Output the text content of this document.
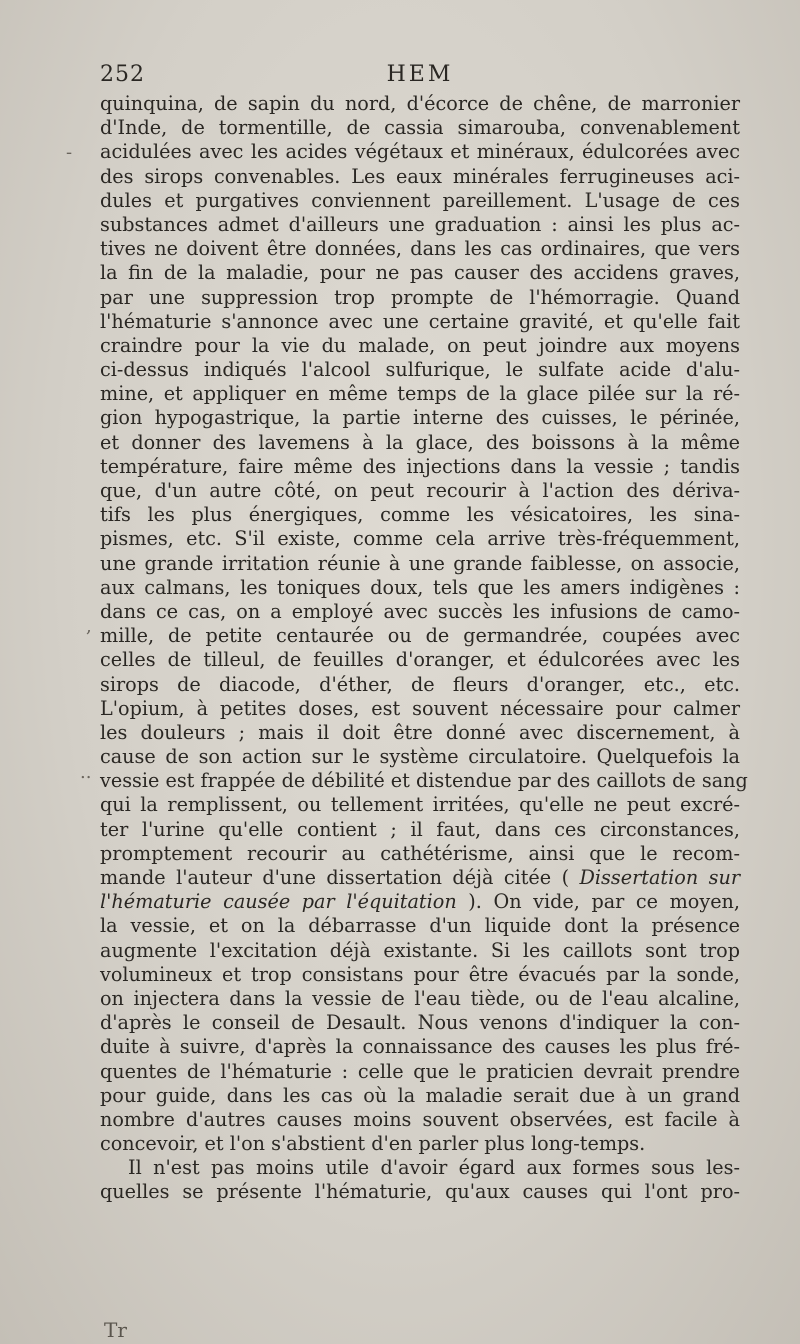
252	HEM
-
,
..
quinquina, de sapin du nord, d'écorce de chêne, de marronier
d'Inde, de tormentille, de cassia simarouba, convenablement
acidulées avec les acides végétaux et minéraux, édulcorées avec
des sirops convenables. Les eaux minérales ferrugineuses aci-
dules et purgatives conviennent pareillement. L'usage de ces
substances admet d'ailleurs une graduation : ainsi les plus ac-
tives ne doivent être données, dans les cas ordinaires, que vers
la fin de la maladie, pour ne pas causer des accidens graves,
par une suppression trop prompte de l'hémorragie. Quand
l'hématurie s'annonce avec une certaine gravité, et qu'elle fait
craindre pour la vie du malade, on peut joindre aux moyens
ci-dessus indiqués l'alcool sulfurique, le sulfate acide d'alu-
mine, et appliquer en même temps de la glace pilée sur la ré-
gion hypogastrique, la partie interne des cuisses, le périnée,
et donner des lavemens à la glace, des boissons à la même
température, faire même des injections dans la vessie ; tandis
que, d'un autre côté, on peut recourir à l'action des dériva-
tifs les plus énergiques, comme les vésicatoires, les sina-
pismes, etc. S'il existe, comme cela arrive très-fréquemment,
une grande irritation réunie à une grande faiblesse, on associe,
aux calmans, les toniques doux, tels que les amers indigènes :
dans ce cas, on a employé avec succès les infusions de camo-
mille, de petite centaurée ou de germandrée, coupées avec
celles de tilleul, de feuilles d'oranger, et édulcorées avec les
sirops de diacode, d'éther, de fleurs d'oranger, etc., etc.
L'opium, à petites doses, est souvent nécessaire pour calmer
les douleurs ; mais il doit être donné avec discernement, à
cause de son action sur le système circulatoire. Quelquefois la
vessie est frappée de débilité et distendue par des caillots de sang
qui la remplissent, ou tellement irritées, qu'elle ne peut excré-
ter l'urine qu'elle contient ; il faut, dans ces circonstances,
promptement recourir au cathétérisme, ainsi que le recom-
mande l'auteur d'une dissertation déjà citée ( Dissertation sur
l'hématurie causée par l'équitation ). On vide, par ce moyen,
la vessie, et on la débarrasse d'un liquide dont la présence
augmente l'excitation déjà existante. Si les caillots sont trop
volumineux et trop consistans pour être évacués par la sonde,
on injectera dans la vessie de l'eau tiède, ou de l'eau alcaline,
d'après le conseil de Desault. Nous venons d'indiquer la con-
duite à suivre, d'après la connaissance des causes les plus fré-
quentes de l'hématurie : celle que le praticien devrait prendre
pour guide, dans les cas où la maladie serait due à un grand
nombre d'autres causes moins souvent observées, est facile à
concevoir, et l'on s'abstient d'en parler plus long-temps.
Il n'est pas moins utile d'avoir égard aux formes sous les-
quelles se présente l'hématurie, qu'aux causes qui l'ont pro-
Tr
